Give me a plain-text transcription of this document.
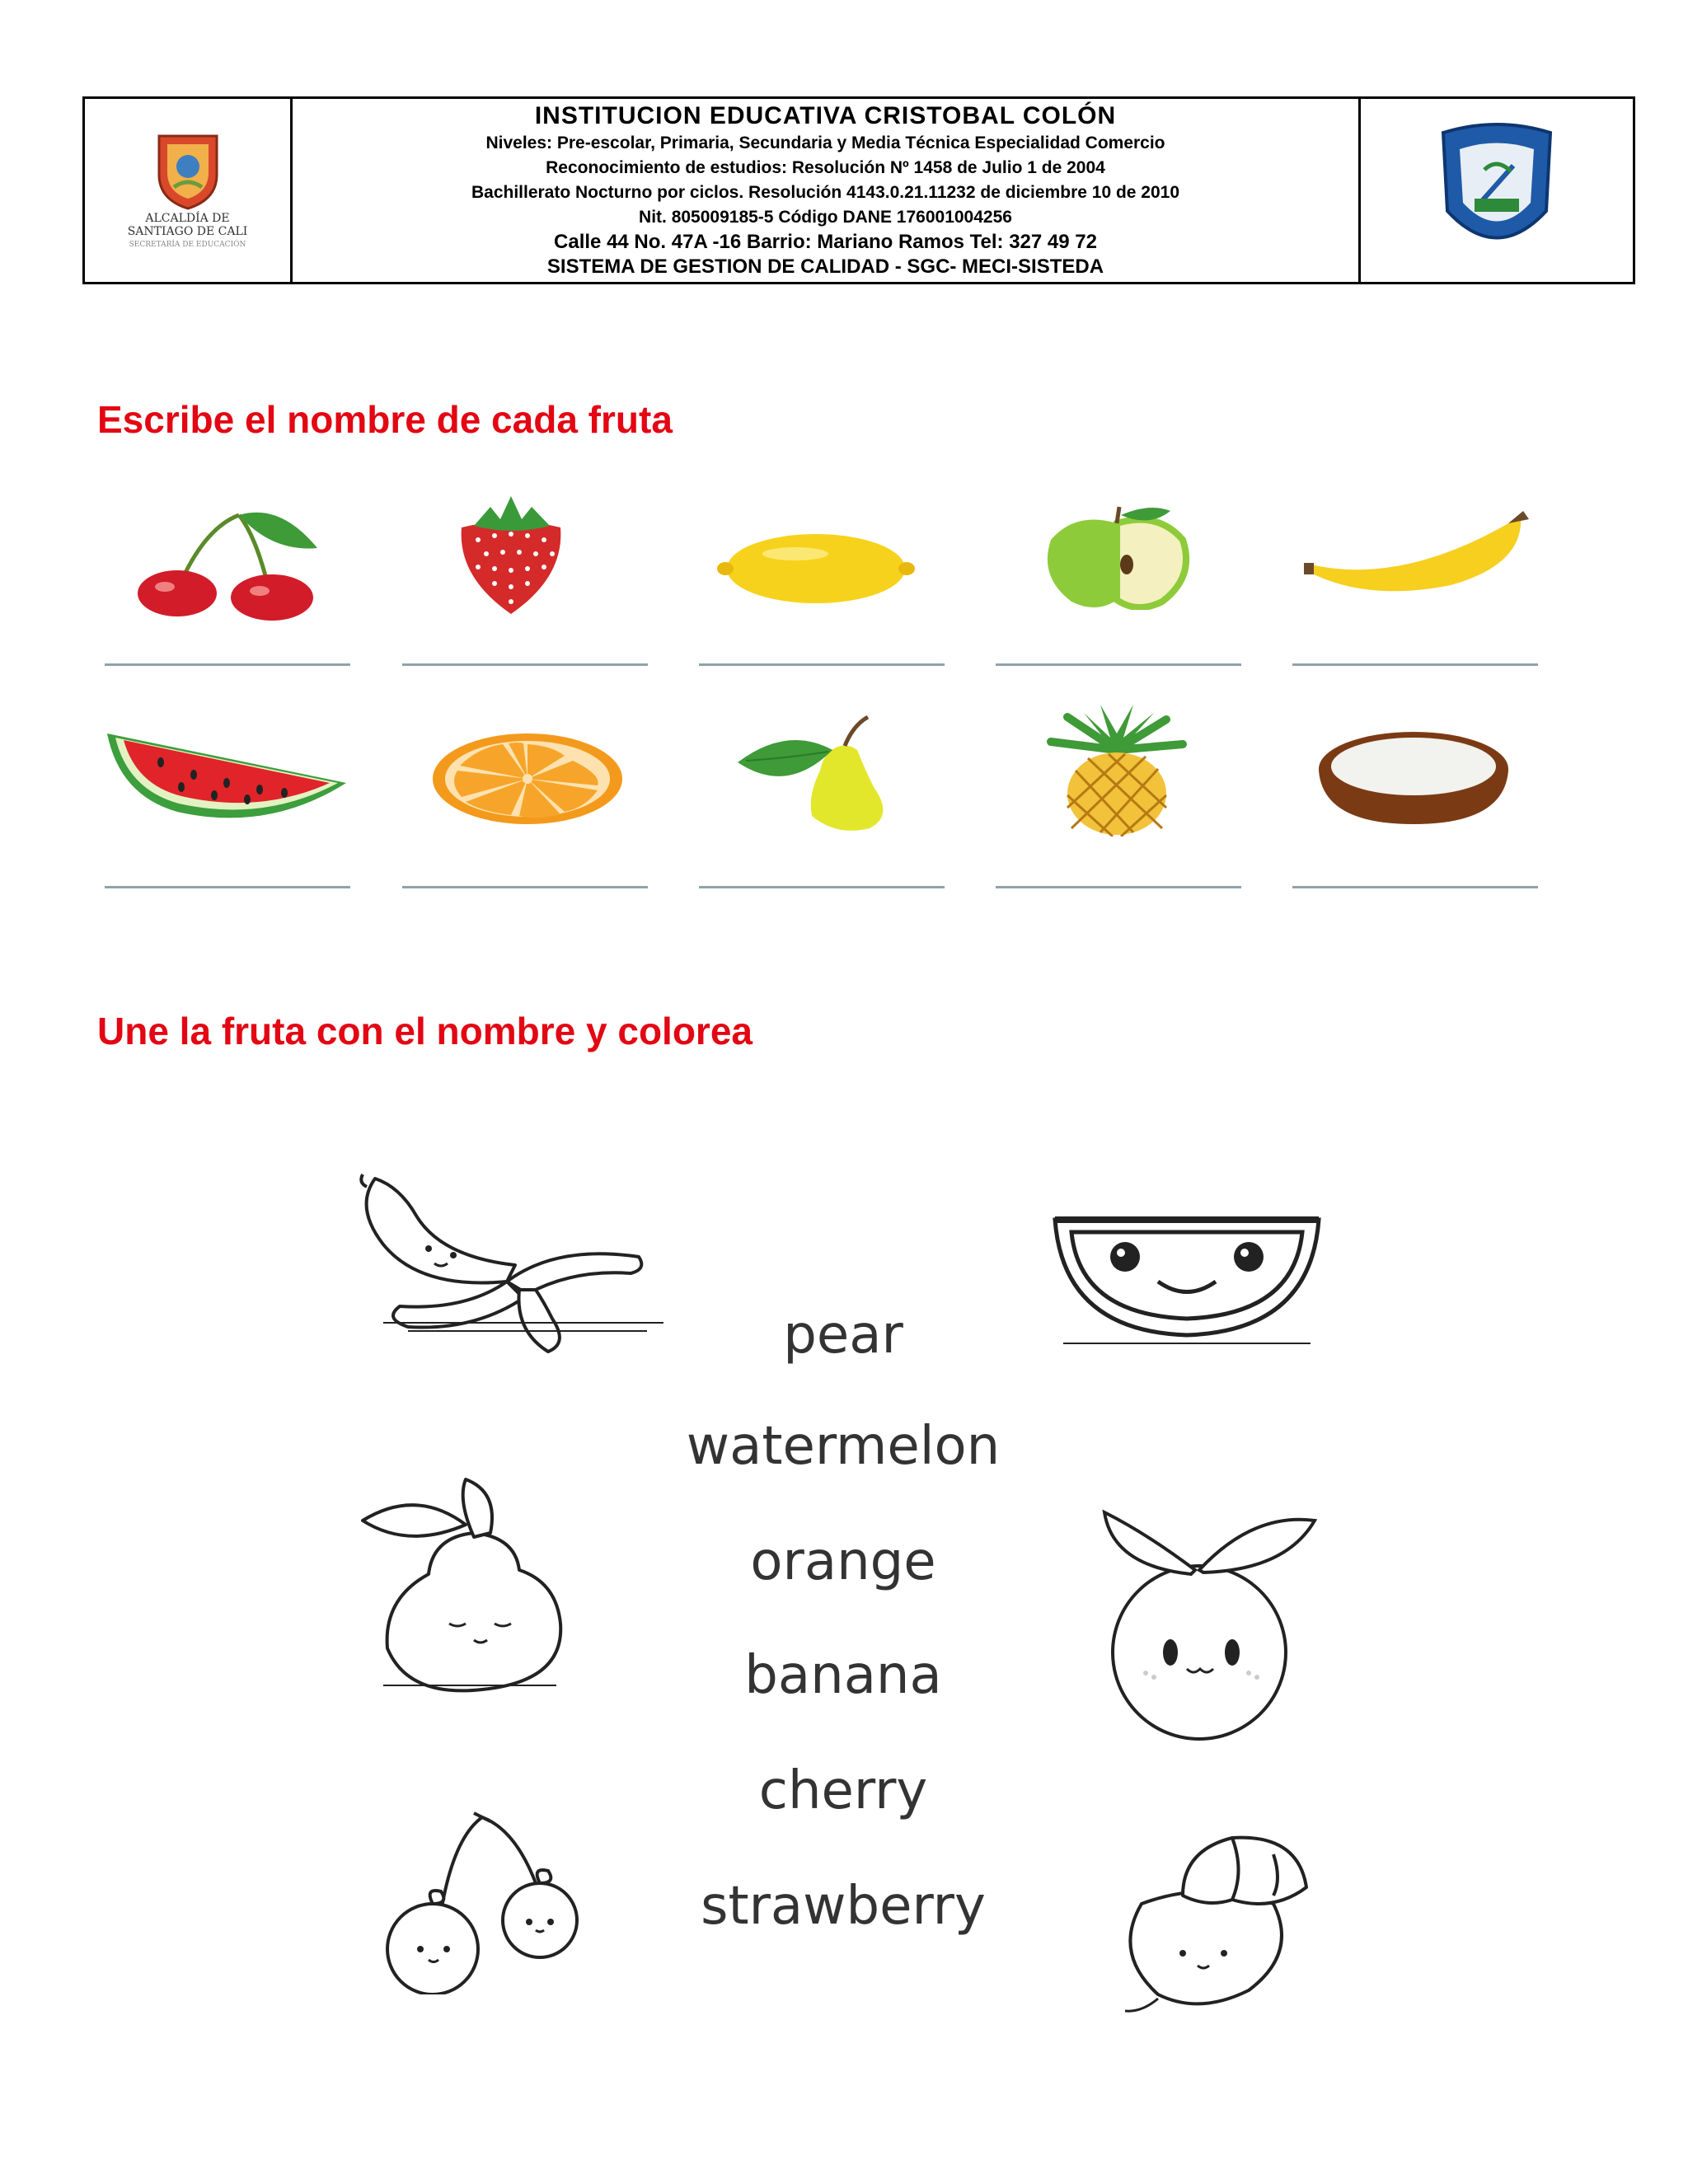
ALCALDÍA DE
SANTIAGO DE CALI
SECRETARÍA DE EDUCACIÓN
INSTITUCION EDUCATIVA CRISTOBAL COLÓN
Niveles: Pre-escolar, Primaria, Secundaria y Media Técnica Especialidad Comercio
Reconocimiento de estudios: Resolución Nº 1458 de Julio 1 de 2004
Bachillerato Nocturno por ciclos. Resolución 4143.0.21.11232 de diciembre 10 de 2010
Nit. 805009185-5 Código DANE 176001004256
Calle 44 No. 47A -16 Barrio: Mariano Ramos Tel: 327 49 72
SISTEMA DE GESTION DE CALIDAD - SGC- MECI-SISTEDA
Escribe el nombre de cada fruta
Une la fruta con el nombre y colorea
pear
watermelon
orange
banana
cherry
strawberry
